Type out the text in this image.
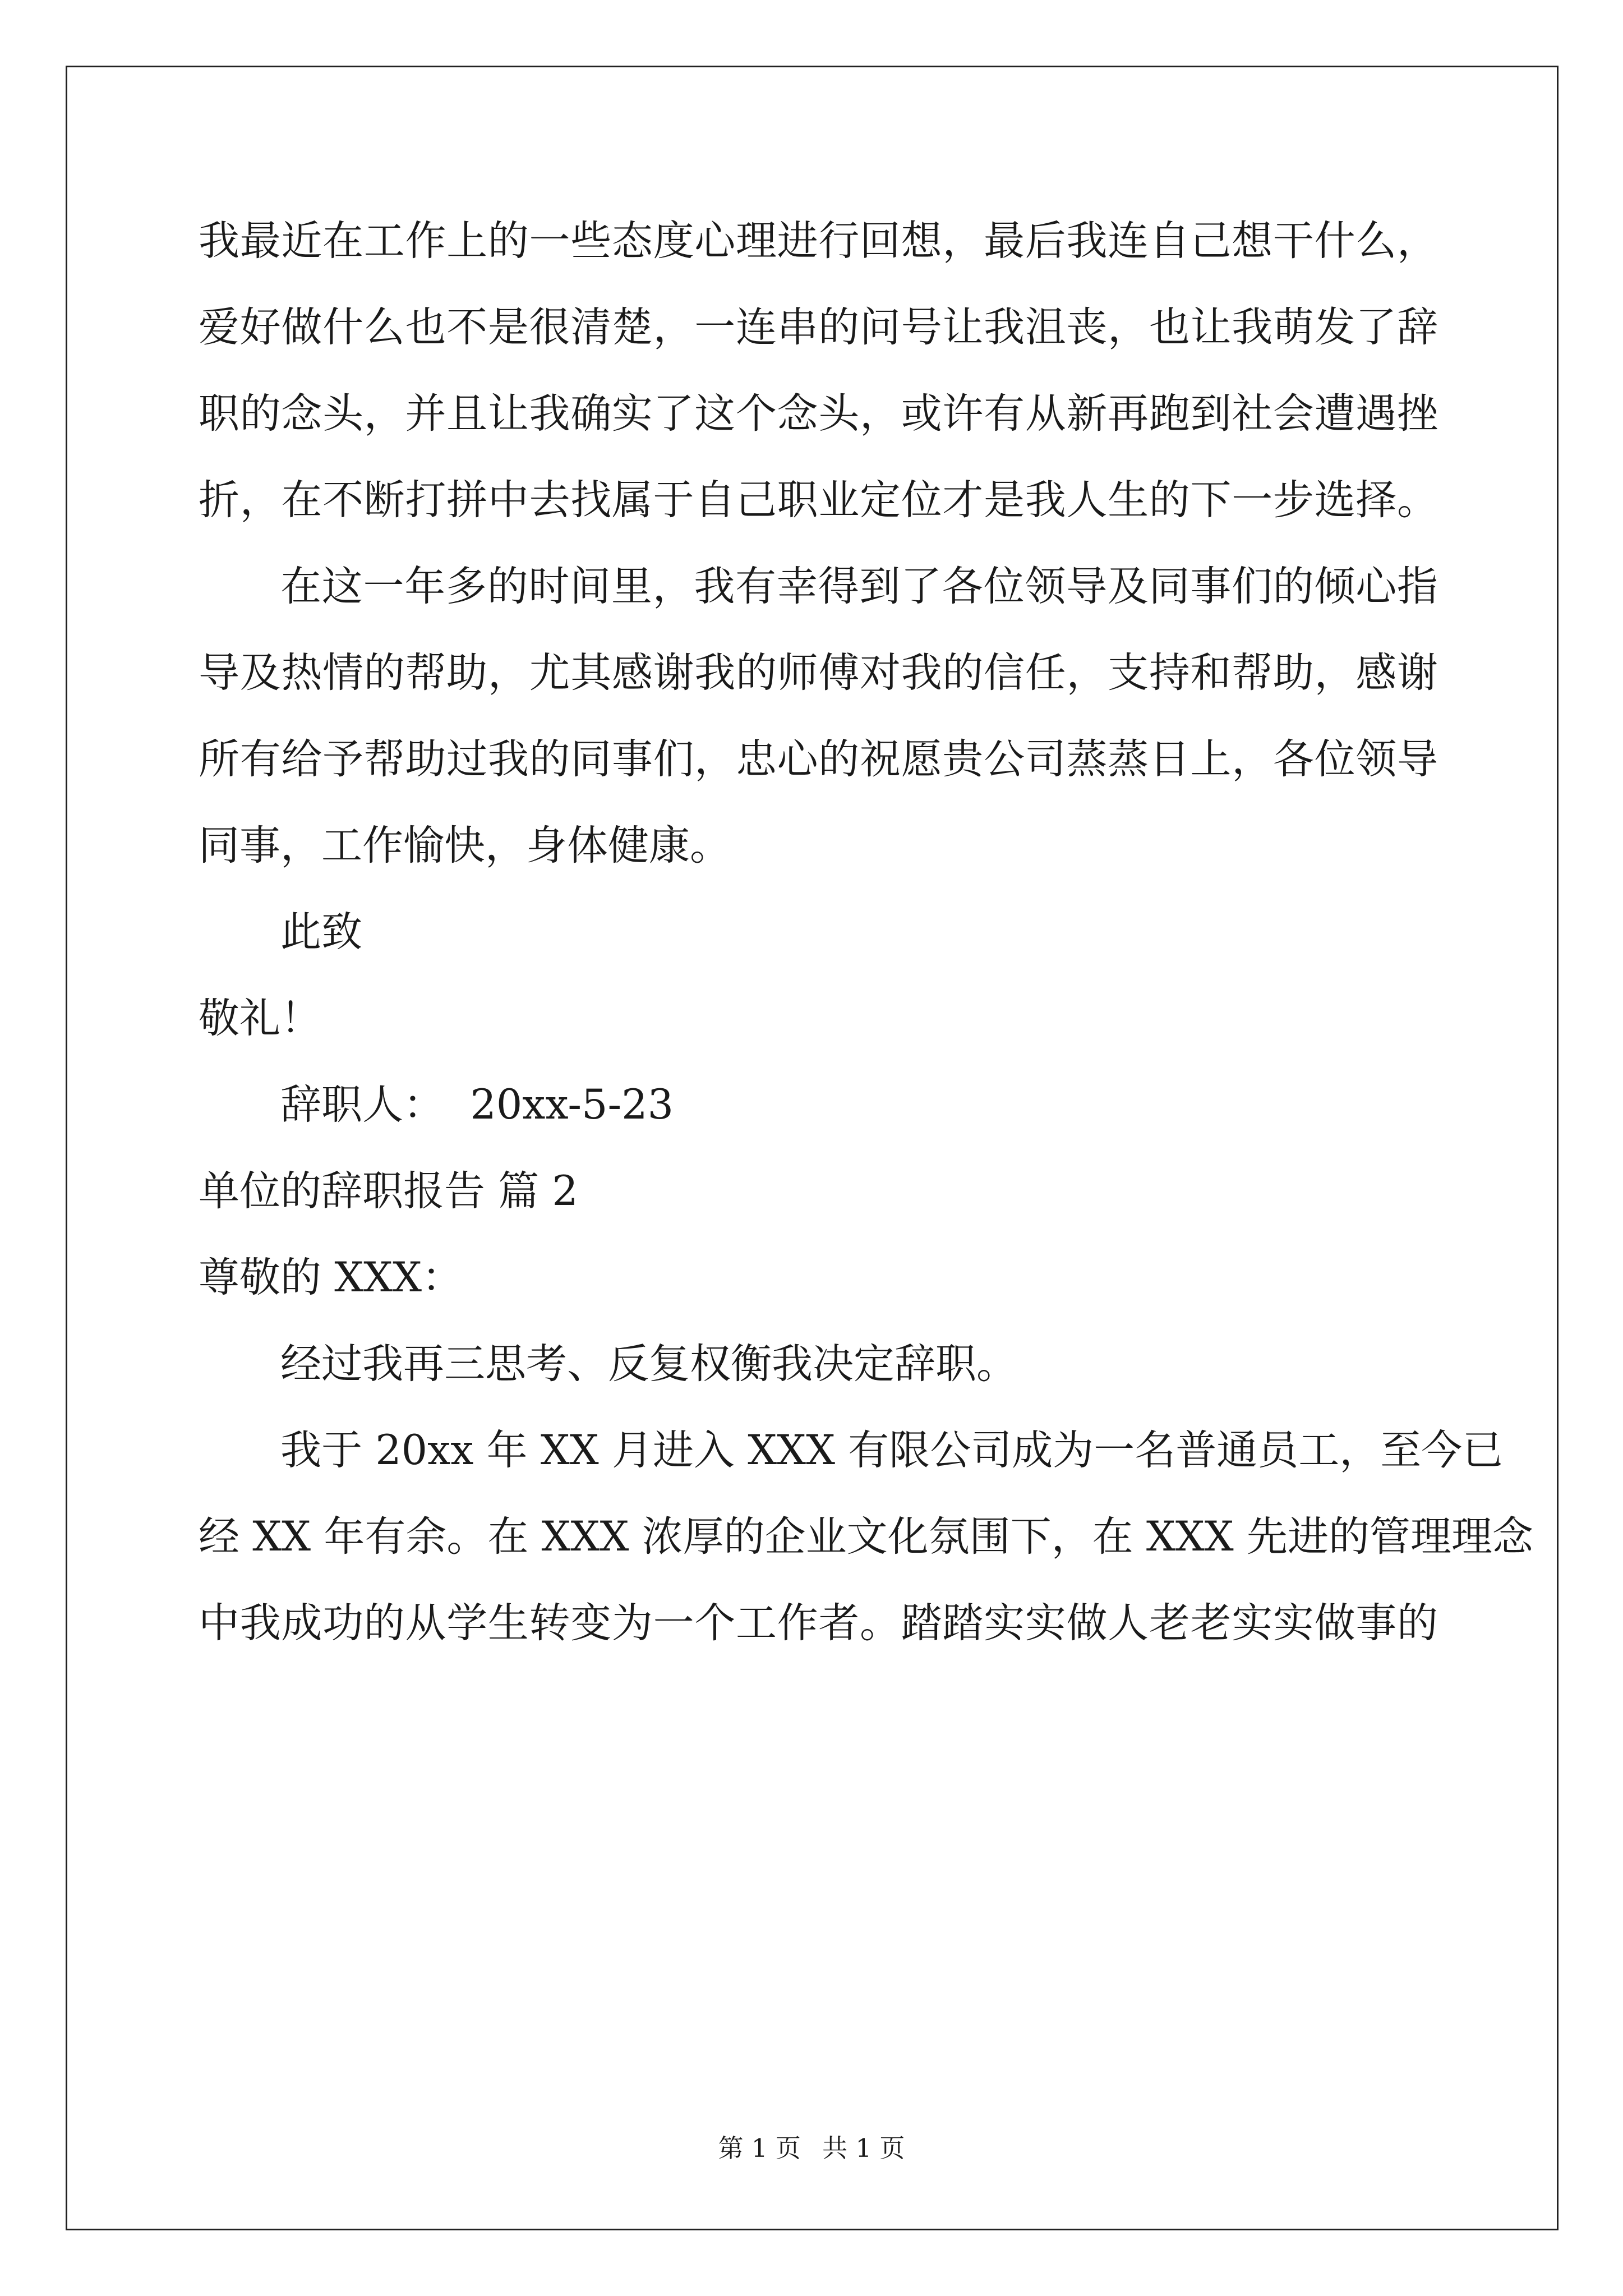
我最近在工作上的一些态度心理进行回想，最后我连自己想干什么，
爱好做什么也不是很清楚，一连串的问号让我沮丧，也让我萌发了辞
职的念头，并且让我确实了这个念头，或许有从新再跑到社会遭遇挫
折，在不断打拼中去找属于自己职业定位才是我人生的下一步选择。
在这一年多的时间里，我有幸得到了各位领导及同事们的倾心指
导及热情的帮助，尤其感谢我的师傅对我的信任，支持和帮助，感谢
所有给予帮助过我的同事们，忠心的祝愿贵公司蒸蒸日上，各位领导
同事，工作愉快，身体健康。
此致
敬礼！
辞职人：  20xx-5-23
单位的辞职报告 篇 2
尊敬的 XXX：
经过我再三思考、反复权衡我决定辞职。
我于 20xx 年 XX 月进入 XXX 有限公司成为一名普通员工，至今已
经 XX 年有余。在 XXX 浓厚的企业文化氛围下，在 XXX 先进的管理理念
中我成功的从学生转变为一个工作者。踏踏实实做人老老实实做事的
第 1 页 共 1 页
